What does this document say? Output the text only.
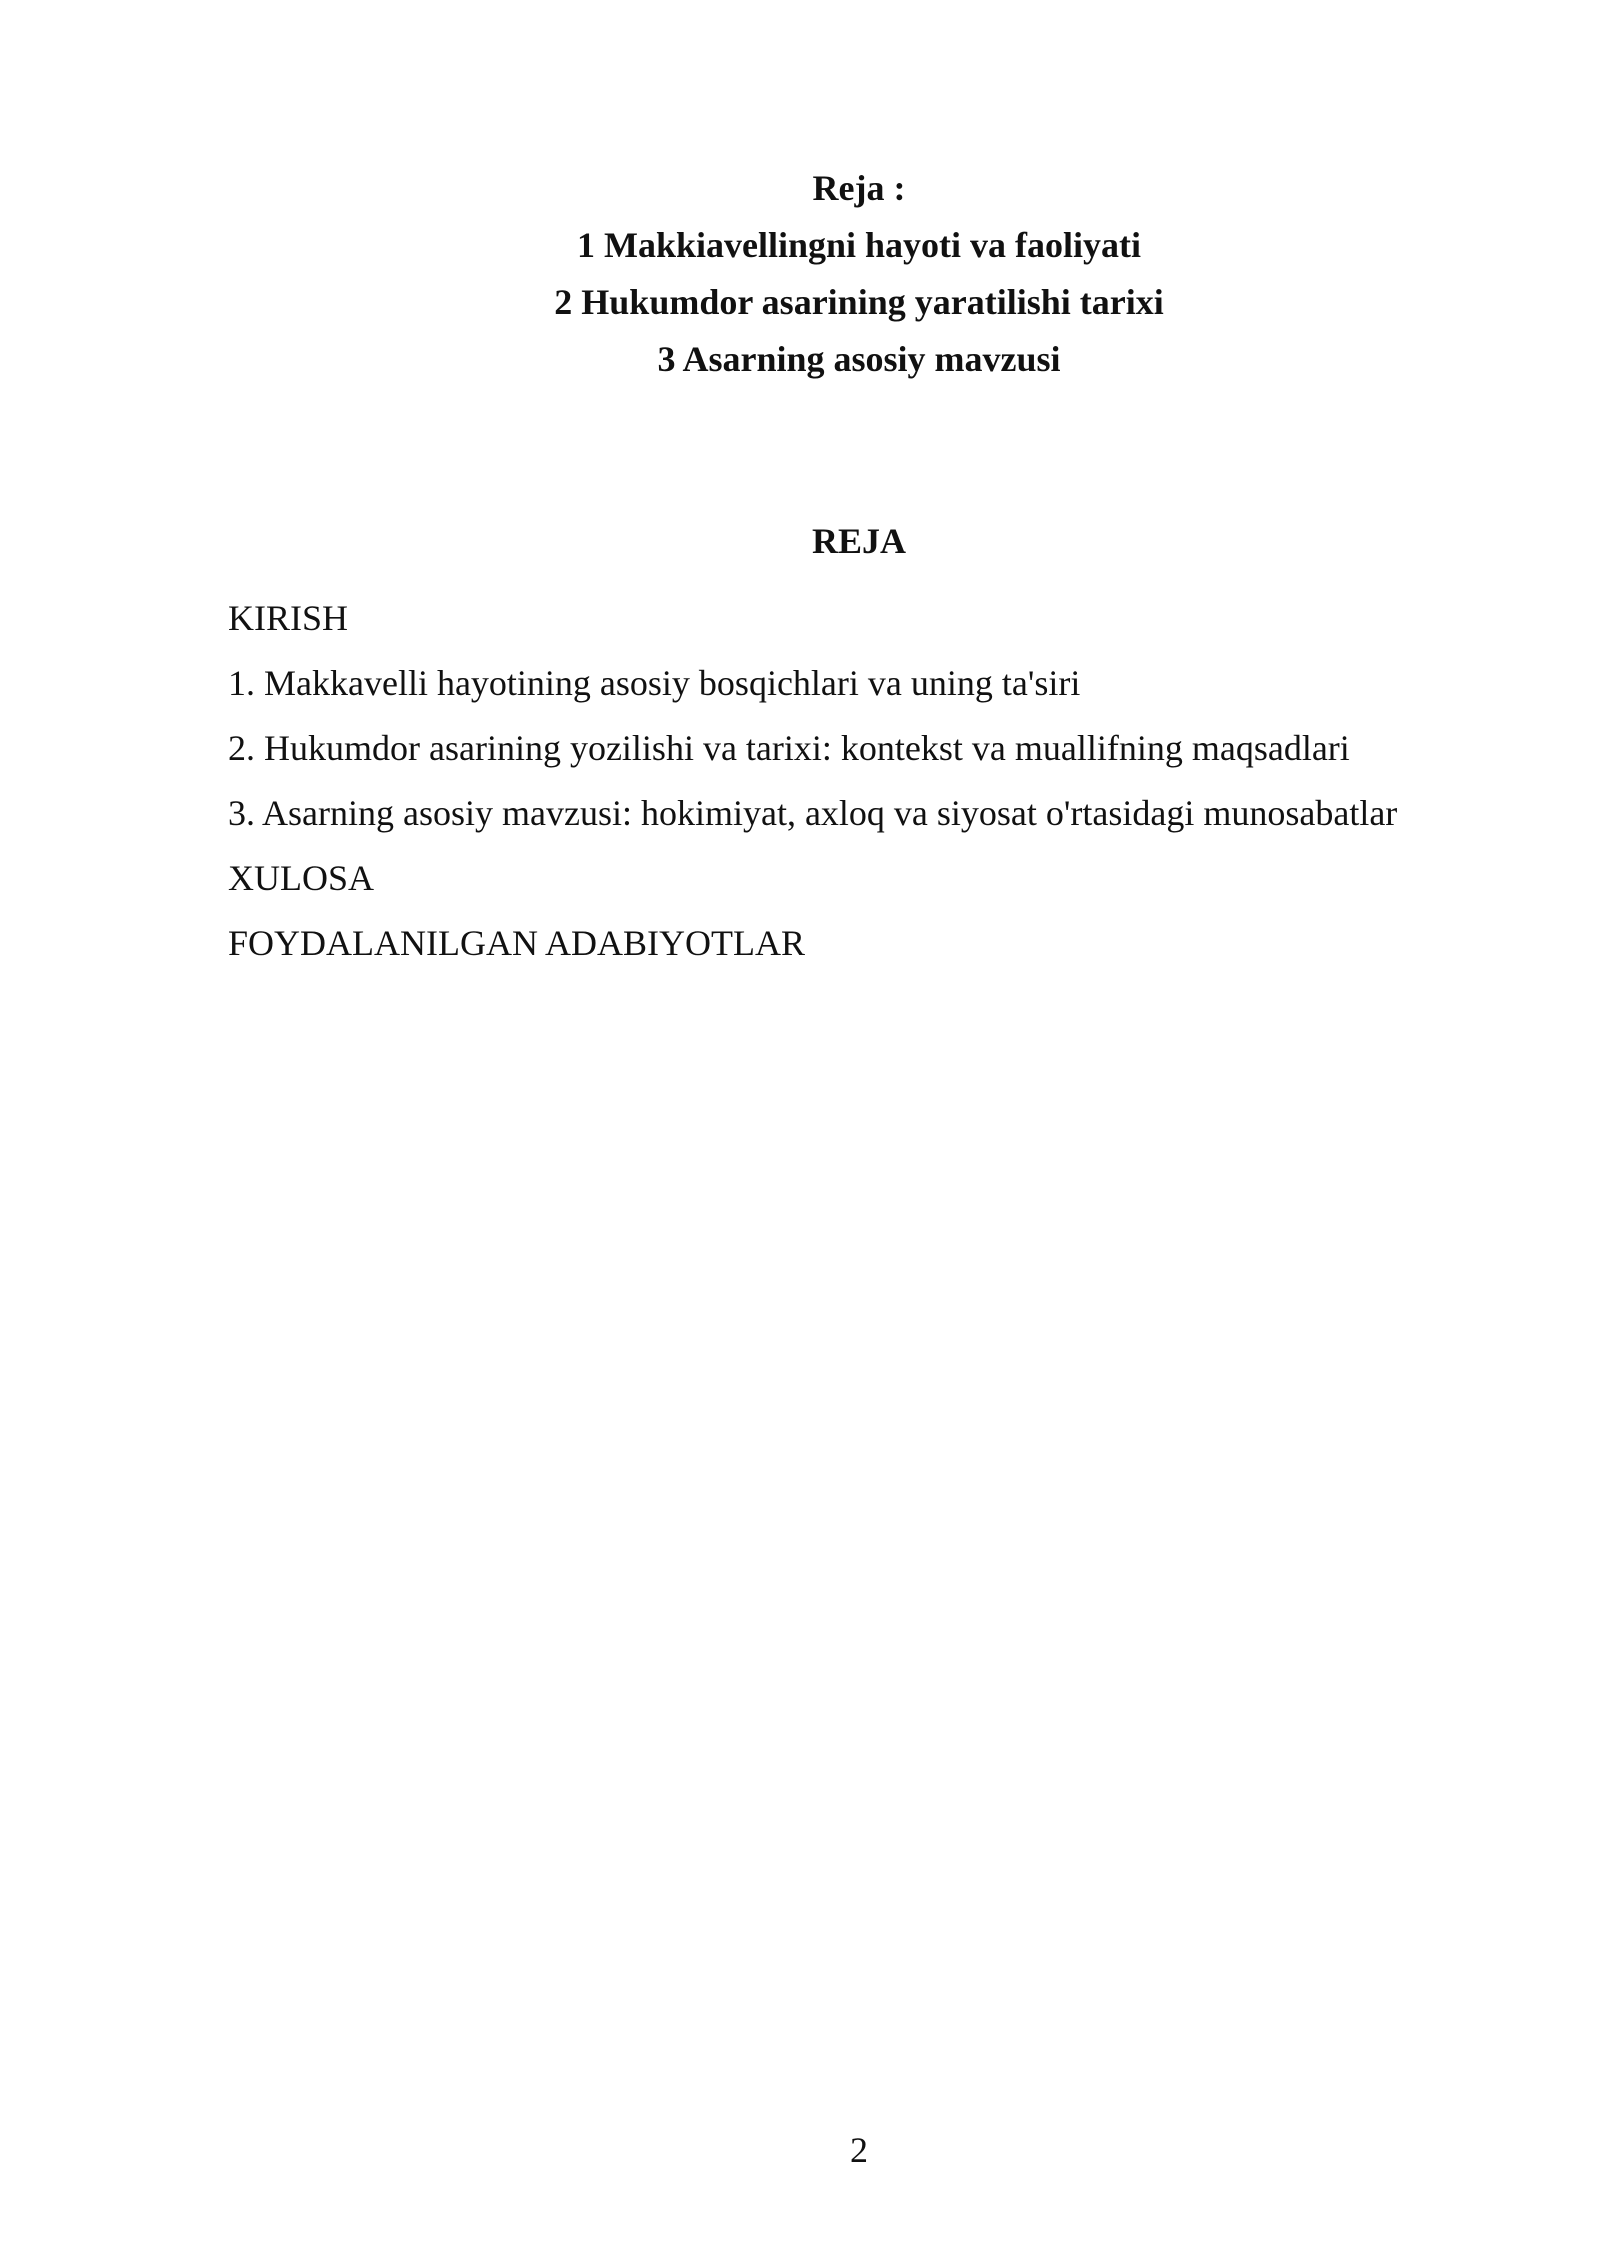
Reja :
1 Makkiavellingni hayoti va faoliyati
2 Hukumdor asarining yaratilishi tarixi
3 Asarning asosiy mavzusi
REJA
KIRISH
1. Makkavelli hayotining asosiy bosqichlari va uning ta'siri
2. Hukumdor asarining yozilishi va tarixi: kontekst va muallifning maqsadlari
3. Asarning asosiy mavzusi: hokimiyat, axloq va siyosat o'rtasidagi munosabatlar
XULOSA
FOYDALANILGAN ADABIYOTLAR
2
